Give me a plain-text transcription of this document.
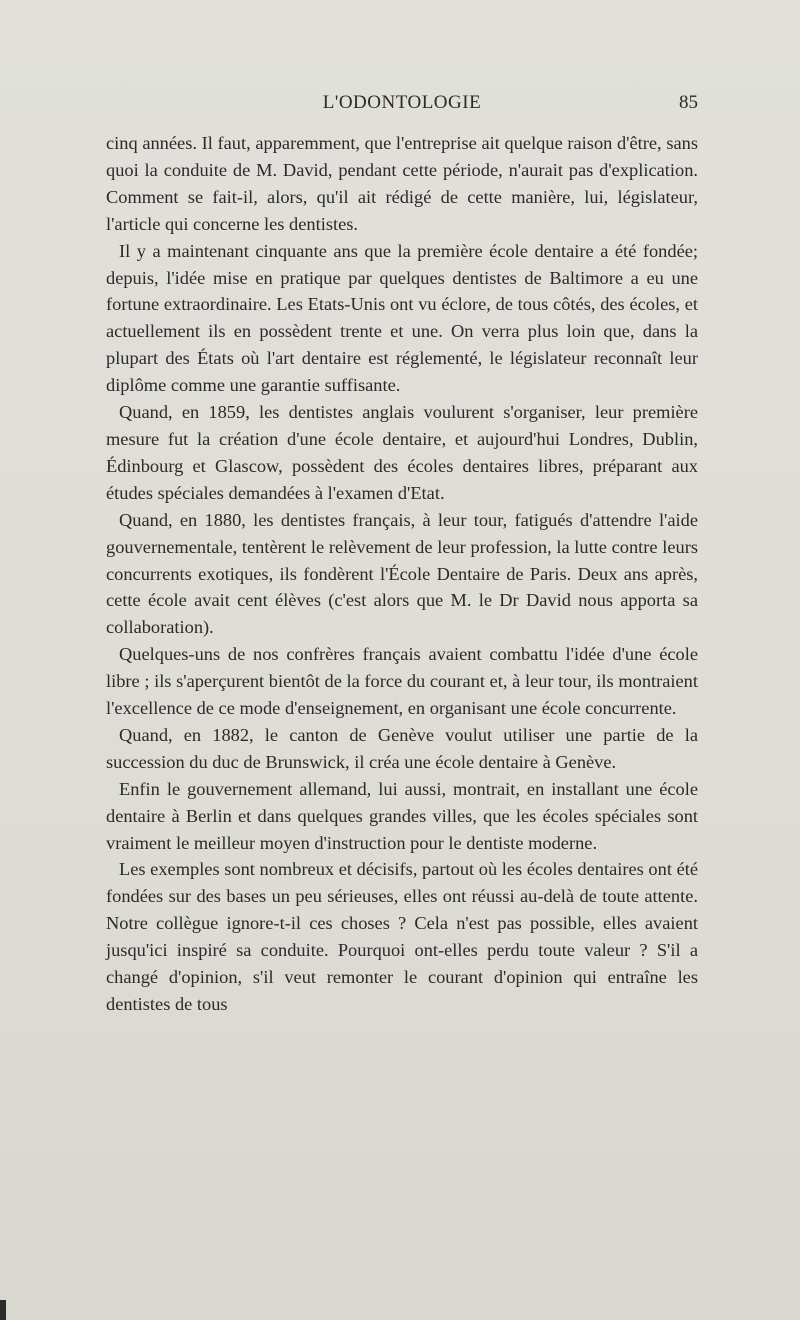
L'ODONTOLOGIE	85

cinq années. Il faut, apparemment, que l'entreprise ait quelque raison d'être, sans quoi la conduite de M. David, pendant cette période, n'aurait pas d'explication. Comment se fait-il, alors, qu'il ait rédigé de cette manière, lui, législateur, l'article qui concerne les dentistes.

Il y a maintenant cinquante ans que la première école dentaire a été fondée; depuis, l'idée mise en pratique par quelques dentistes de Baltimore a eu une fortune extraordinaire. Les Etats-Unis ont vu éclore, de tous côtés, des écoles, et actuellement ils en possèdent trente et une. On verra plus loin que, dans la plupart des États où l'art dentaire est réglementé, le législateur reconnaît leur diplôme comme une garantie suffisante.

Quand, en 1859, les dentistes anglais voulurent s'organiser, leur première mesure fut la création d'une école dentaire, et aujourd'hui Londres, Dublin, Édinbourg et Glascow, possèdent des écoles dentaires libres, préparant aux études spéciales demandées à l'examen d'Etat.

Quand, en 1880, les dentistes français, à leur tour, fatigués d'attendre l'aide gouvernementale, tentèrent le relèvement de leur profession, la lutte contre leurs concurrents exotiques, ils fondèrent l'École Dentaire de Paris. Deux ans après, cette école avait cent élèves (c'est alors que M. le Dr David nous apporta sa collaboration).

Quelques-uns de nos confrères français avaient combattu l'idée d'une école libre ; ils s'aperçurent bientôt de la force du courant et, à leur tour, ils montraient l'excellence de ce mode d'enseignement, en organisant une école concurrente.

Quand, en 1882, le canton de Genève voulut utiliser une partie de la succession du duc de Brunswick, il créa une école dentaire à Genève.

Enfin le gouvernement allemand, lui aussi, montrait, en installant une école dentaire à Berlin et dans quelques grandes villes, que les écoles spéciales sont vraiment le meilleur moyen d'instruction pour le dentiste moderne.

Les exemples sont nombreux et décisifs, partout où les écoles dentaires ont été fondées sur des bases un peu sérieuses, elles ont réussi au-delà de toute attente. Notre collègue ignore-t-il ces choses ? Cela n'est pas possible, elles avaient jusqu'ici inspiré sa conduite. Pourquoi ont-elles perdu toute valeur ? S'il a changé d'opinion, s'il veut remonter le courant d'opinion qui entraîne les dentistes de tous
